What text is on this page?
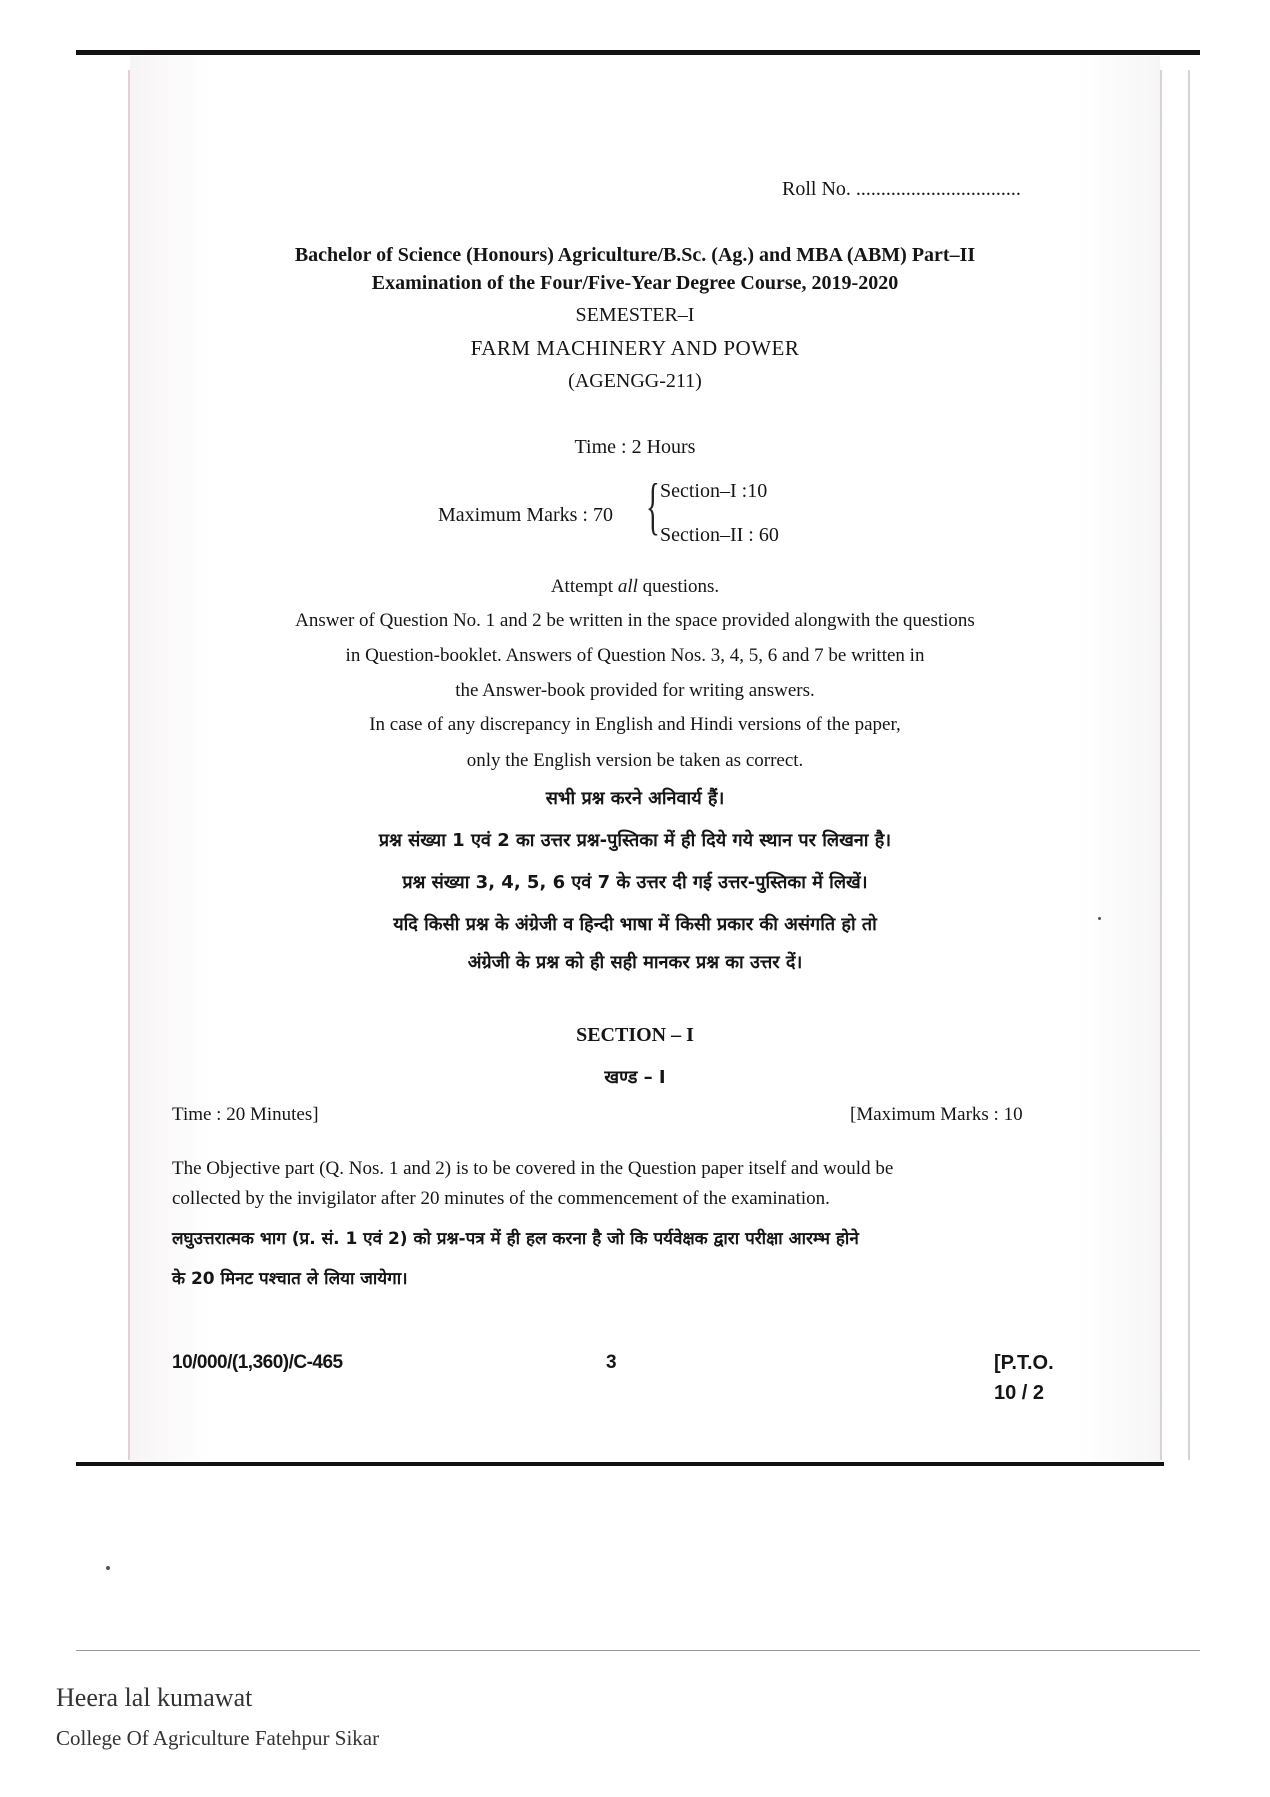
Roll No. .................................
Bachelor of Science (Honours) Agriculture/B.Sc. (Ag.) and MBA (ABM) Part–II
Examination of the Four/Five-Year Degree Course, 2019-2020
SEMESTER–I
FARM MACHINERY AND POWER
(AGENGG-211)
Time : 2 Hours
Maximum Marks : 70 { Section–I :10
Section–II : 60
Attempt all questions.
Answer of Question No. 1 and 2 be written in the space provided alongwith the questions
in Question-booklet. Answers of Question Nos. 3, 4, 5, 6 and 7 be written in
the Answer-book provided for writing answers.
In case of any discrepancy in English and Hindi versions of the paper,
only the English version be taken as correct.
सभी प्रश्न करने अनिवार्य हैं।
प्रश्न संख्या 1 एवं 2 का उत्तर प्रश्न-पुस्तिका में ही दिये गये स्थान पर लिखना है।
प्रश्न संख्या 3, 4, 5, 6 एवं 7 के उत्तर दी गई उत्तर-पुस्तिका में लिखें।
यदि किसी प्रश्न के अंग्रेजी व हिन्दी भाषा में किसी प्रकार की असंगति हो तो
अंग्रेजी के प्रश्न को ही सही मानकर प्रश्न का उत्तर दें।
SECTION – I
खण्ड – I
Time : 20 Minutes]	[Maximum Marks : 10
The Objective part (Q. Nos. 1 and 2) is to be covered in the Question paper itself and would be
collected by the invigilator after 20 minutes of the commencement of the examination.
लघुउत्तरात्मक भाग (प्र. सं. 1 एवं 2) को प्रश्न-पत्र में ही हल करना है जो कि पर्यवेक्षक द्वारा परीक्षा आरम्भ होने
के 20 मिनट पश्चात ले लिया जायेगा।
10/000/(1,360)/C-465	3	[P.T.O.
10 / 2
Heera lal kumawat
College Of Agriculture Fatehpur Sikar
